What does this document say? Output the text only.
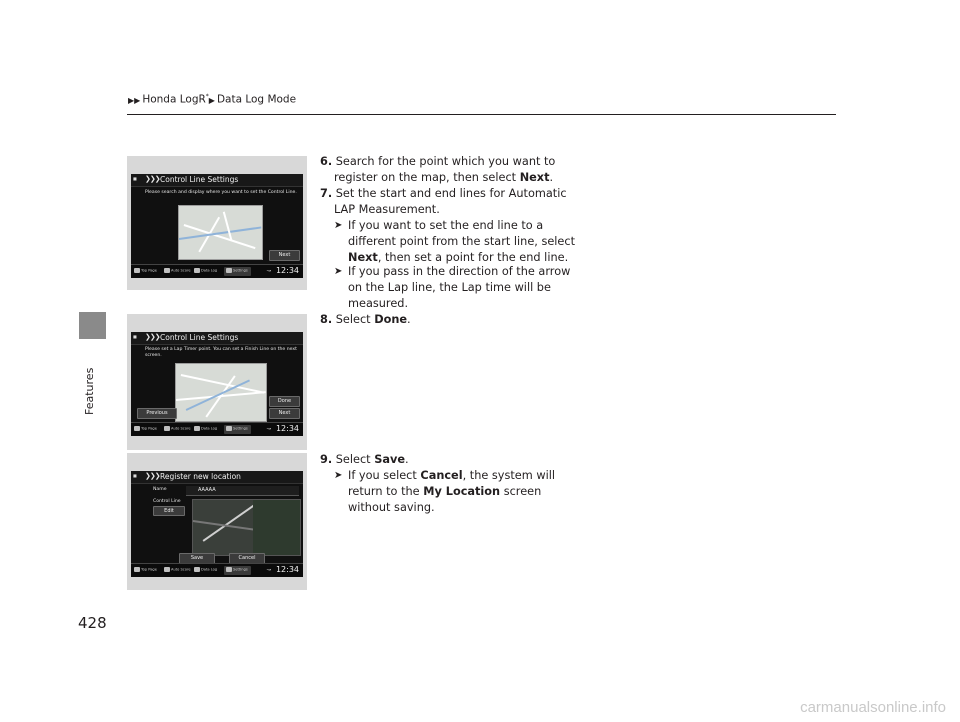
▶▶ Honda LogR*▶ Data Log Mode
Features
■ ❯❯❯ Control Line Settings
Please search and display where you want to set the Control Line.
Next
Top Page	Auto Score	Data Log	Settings	↝ 12:34
■ ❯❯❯ Control Line Settings
Please set a Lap Timer point. You can set a Finish Line on the next
screen.
Previous
Done
Next
Top Page	Auto Score	Data Log	Settings	↝ 12:34
■ ❯❯❯ Register new location
AAAAA
Name
Control Line
Edit
Save	Cancel
Top Page	Auto Score	Data Log	Settings	↝ 12:34
6. Search for the point which you want to
register on the map, then select Next.
7. Set the start and end lines for Automatic
LAP Measurement.
➤ If you want to set the end line to a
different point from the start line, select
Next, then set a point for the end line.
➤ If you pass in the direction of the arrow
on the Lap line, the Lap time will be
measured.
8. Select Done.
9. Select Save.
➤ If you select Cancel, the system will
return to the My Location screen
without saving.
428
carmanualsonline.info
